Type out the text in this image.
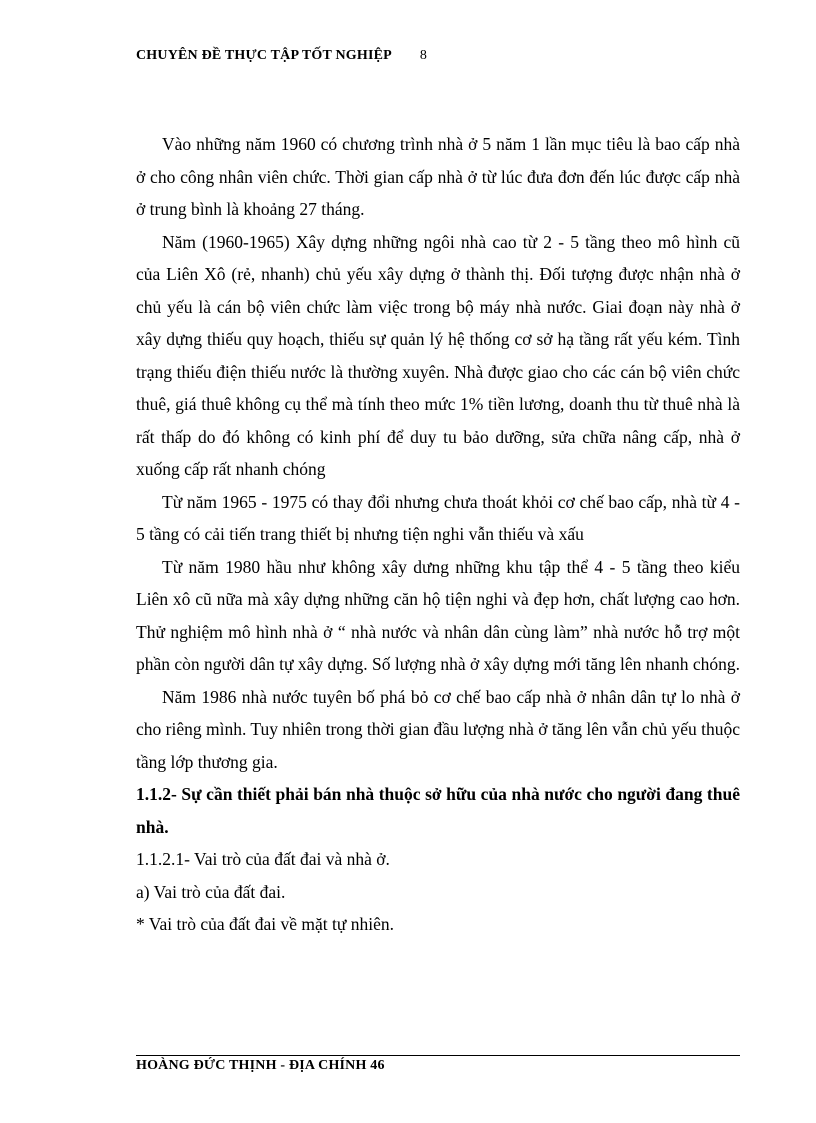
CHUYÊN ĐỀ THỰC TẬP TỐT NGHIỆP 8

Vào những năm 1960 có chương trình nhà ở 5 năm 1 lần mục tiêu là bao cấp nhà ở cho công nhân viên chức. Thời gian cấp nhà ở từ lúc đưa đơn đến lúc được cấp nhà ở trung bình là khoảng 27 tháng.

Năm (1960-1965) Xây dựng những ngôi nhà cao từ 2 - 5 tầng theo mô hình cũ của Liên Xô (rẻ, nhanh) chủ yếu xây dựng ở thành thị. Đối tượng được nhận nhà ở chủ yếu là cán bộ viên chức làm việc trong bộ máy nhà nước. Giai đoạn này nhà ở xây dựng thiếu quy hoạch, thiếu sự quản lý hệ thống cơ sở hạ tầng rất yếu kém. Tình trạng thiếu điện thiếu nước là thường xuyên. Nhà được giao cho các cán bộ viên chức thuê, giá thuê không cụ thể mà tính theo mức 1% tiền lương, doanh thu từ thuê nhà là rất thấp do đó không có kinh phí để duy tu bảo dưỡng, sửa chữa nâng cấp, nhà ở xuống cấp rất nhanh chóng

Từ năm 1965 - 1975 có thay đổi nhưng chưa thoát khỏi cơ chế bao cấp, nhà từ 4 - 5 tầng có cải tiến trang thiết bị nhưng tiện nghi vẫn thiếu và xấu

Từ năm 1980 hầu như không xây dưng những khu tập thể 4 - 5 tầng theo kiểu Liên xô cũ nữa mà xây dựng những căn hộ tiện nghi và đẹp hơn, chất lượng cao hơn. Thử nghiệm mô hình nhà ở “ nhà nước và nhân dân cùng làm” nhà nước hỗ trợ một phần còn người dân tự xây dựng. Số lượng nhà ở xây dựng mới tăng lên nhanh chóng.

Năm 1986 nhà nước tuyên bố phá bỏ cơ chế bao cấp nhà ở nhân dân tự lo nhà ở cho riêng mình. Tuy nhiên trong thời gian đầu lượng nhà ở tăng lên vẫn chủ yếu thuộc tầng lớp thương gia.

1.1.2- Sự cần thiết phải bán nhà thuộc sở hữu của nhà nước cho người đang thuê nhà.

1.1.2.1- Vai trò của đất đai và nhà ở.

a) Vai trò của đất đai.

* Vai trò của đất đai về mặt tự nhiên.

HOÀNG ĐỨC THỊNH - ĐỊA CHÍNH 46
